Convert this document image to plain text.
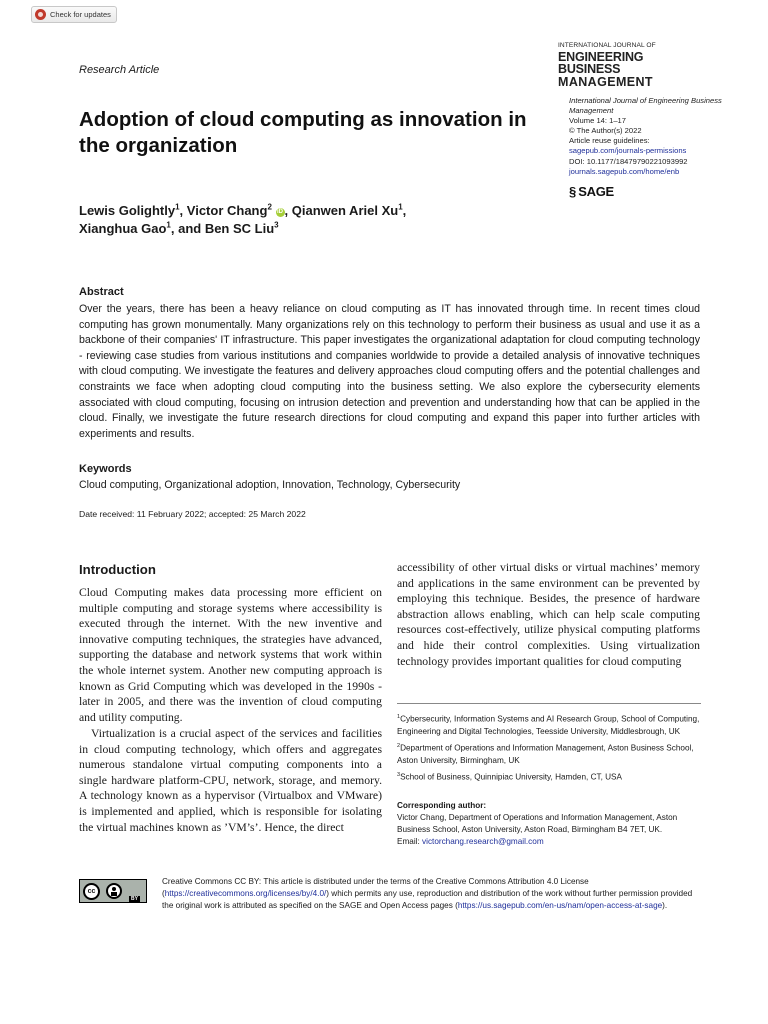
Check for updates
INTERNATIONAL JOURNAL OF
ENGINEERING BUSINESS
MANAGEMENT
Research Article
Adoption of cloud computing as innovation in the organization
International Journal of Engineering Business Management
Volume 14: 1–17
© The Author(s) 2022
Article reuse guidelines:
sagepub.com/journals-permissions
DOI: 10.1177/18479790221093992
journals.sagepub.com/home/enb
§ SAGE
Lewis Golightly$^1$, Victor Chang$^2$ iD , Qianwen Ariel Xu$^1$,
Xianghua Gao$^1$, and Ben SC Liu$^3$
Abstract

Over the years, there has been a heavy reliance on cloud computing as IT has innovated through time. In recent times cloud computing has grown monumentally. Many organizations rely on this technology to perform their business as usual and use it as a backbone of their companies' IT infrastructure. This paper investigates the organizational adaptation for cloud computing technology - reviewing case studies from various institutions and companies worldwide to provide a detailed analysis of innovative techniques with cloud computing. We investigate the features and delivery approaches cloud computing offers and the potential challenges and constraints we face when adopting cloud computing into the business setting. We also explore the cybersecurity elements associated with cloud computing, focusing on intrusion detection and prevention and understanding how that can be applied in the cloud. Finally, we investigate the future research directions for cloud computing and expand this paper into further articles with experiments and results.

Keywords
Cloud computing, Organizational adoption, Innovation, Technology, Cybersecurity
Date received: 11 February 2022; accepted: 25 March 2022
Introduction

Cloud Computing makes data processing more efficient on multiple computing and storage systems where accessibility is executed through the internet. With the new inventive and innovative computing techniques, the strategies have advanced, supporting the database and network systems that work within the whole internet system. Another new computing approach is known as Grid Computing which was developed in the 1990s - later in 2005, and there was the invention of cloud computing and utility computing.

Virtualization is a crucial aspect of the services and facilities in cloud computing technology, which offers and aggregates numerous standalone virtual computing components into a single hardware platform-CPU, network, storage, and memory. A technology known as a hypervisor (Virtualbox and VMware) is implemented and applied, which is responsible for isolating the virtual machines known as ’VM’s’. Hence, the direct

accessibility of other virtual disks or virtual machines’ memory and applications in the same environment can be prevented by employing this technique. Besides, the presence of hardware abstraction allows enabling, which can help scale computing resources cost-effectively, utilize physical computing platforms and hide their control complexities. Using virtualization technology provides important qualities for cloud computing

$^1$Cybersecurity, Information Systems and AI Research Group, School of Computing, Engineering and Digital Technologies, Teesside University, Middlesbrough, UK

$^2$Department of Operations and Information Management, Aston Business School, Aston University, Birmingham, UK

$^3$School of Business, Quinnipiac University, Hamden, CT, USA

Corresponding author:
Victor Chang, Department of Operations and Information Management, Aston Business School, Aston University, Aston Road, Birmingham B4 7ET, UK.
Email: victorchang.research@gmail.com
cc
BY
Creative Commons CC BY: This article is distributed under the terms of the Creative Commons Attribution 4.0 License
(https://creativecommons.org/licenses/by/4.0/) which permits any use, reproduction and distribution of the work without further permission provided the original work is attributed as specified on the SAGE and Open Access pages (https://us.sagepub.com/en-us/nam/open-access-at-sage).
